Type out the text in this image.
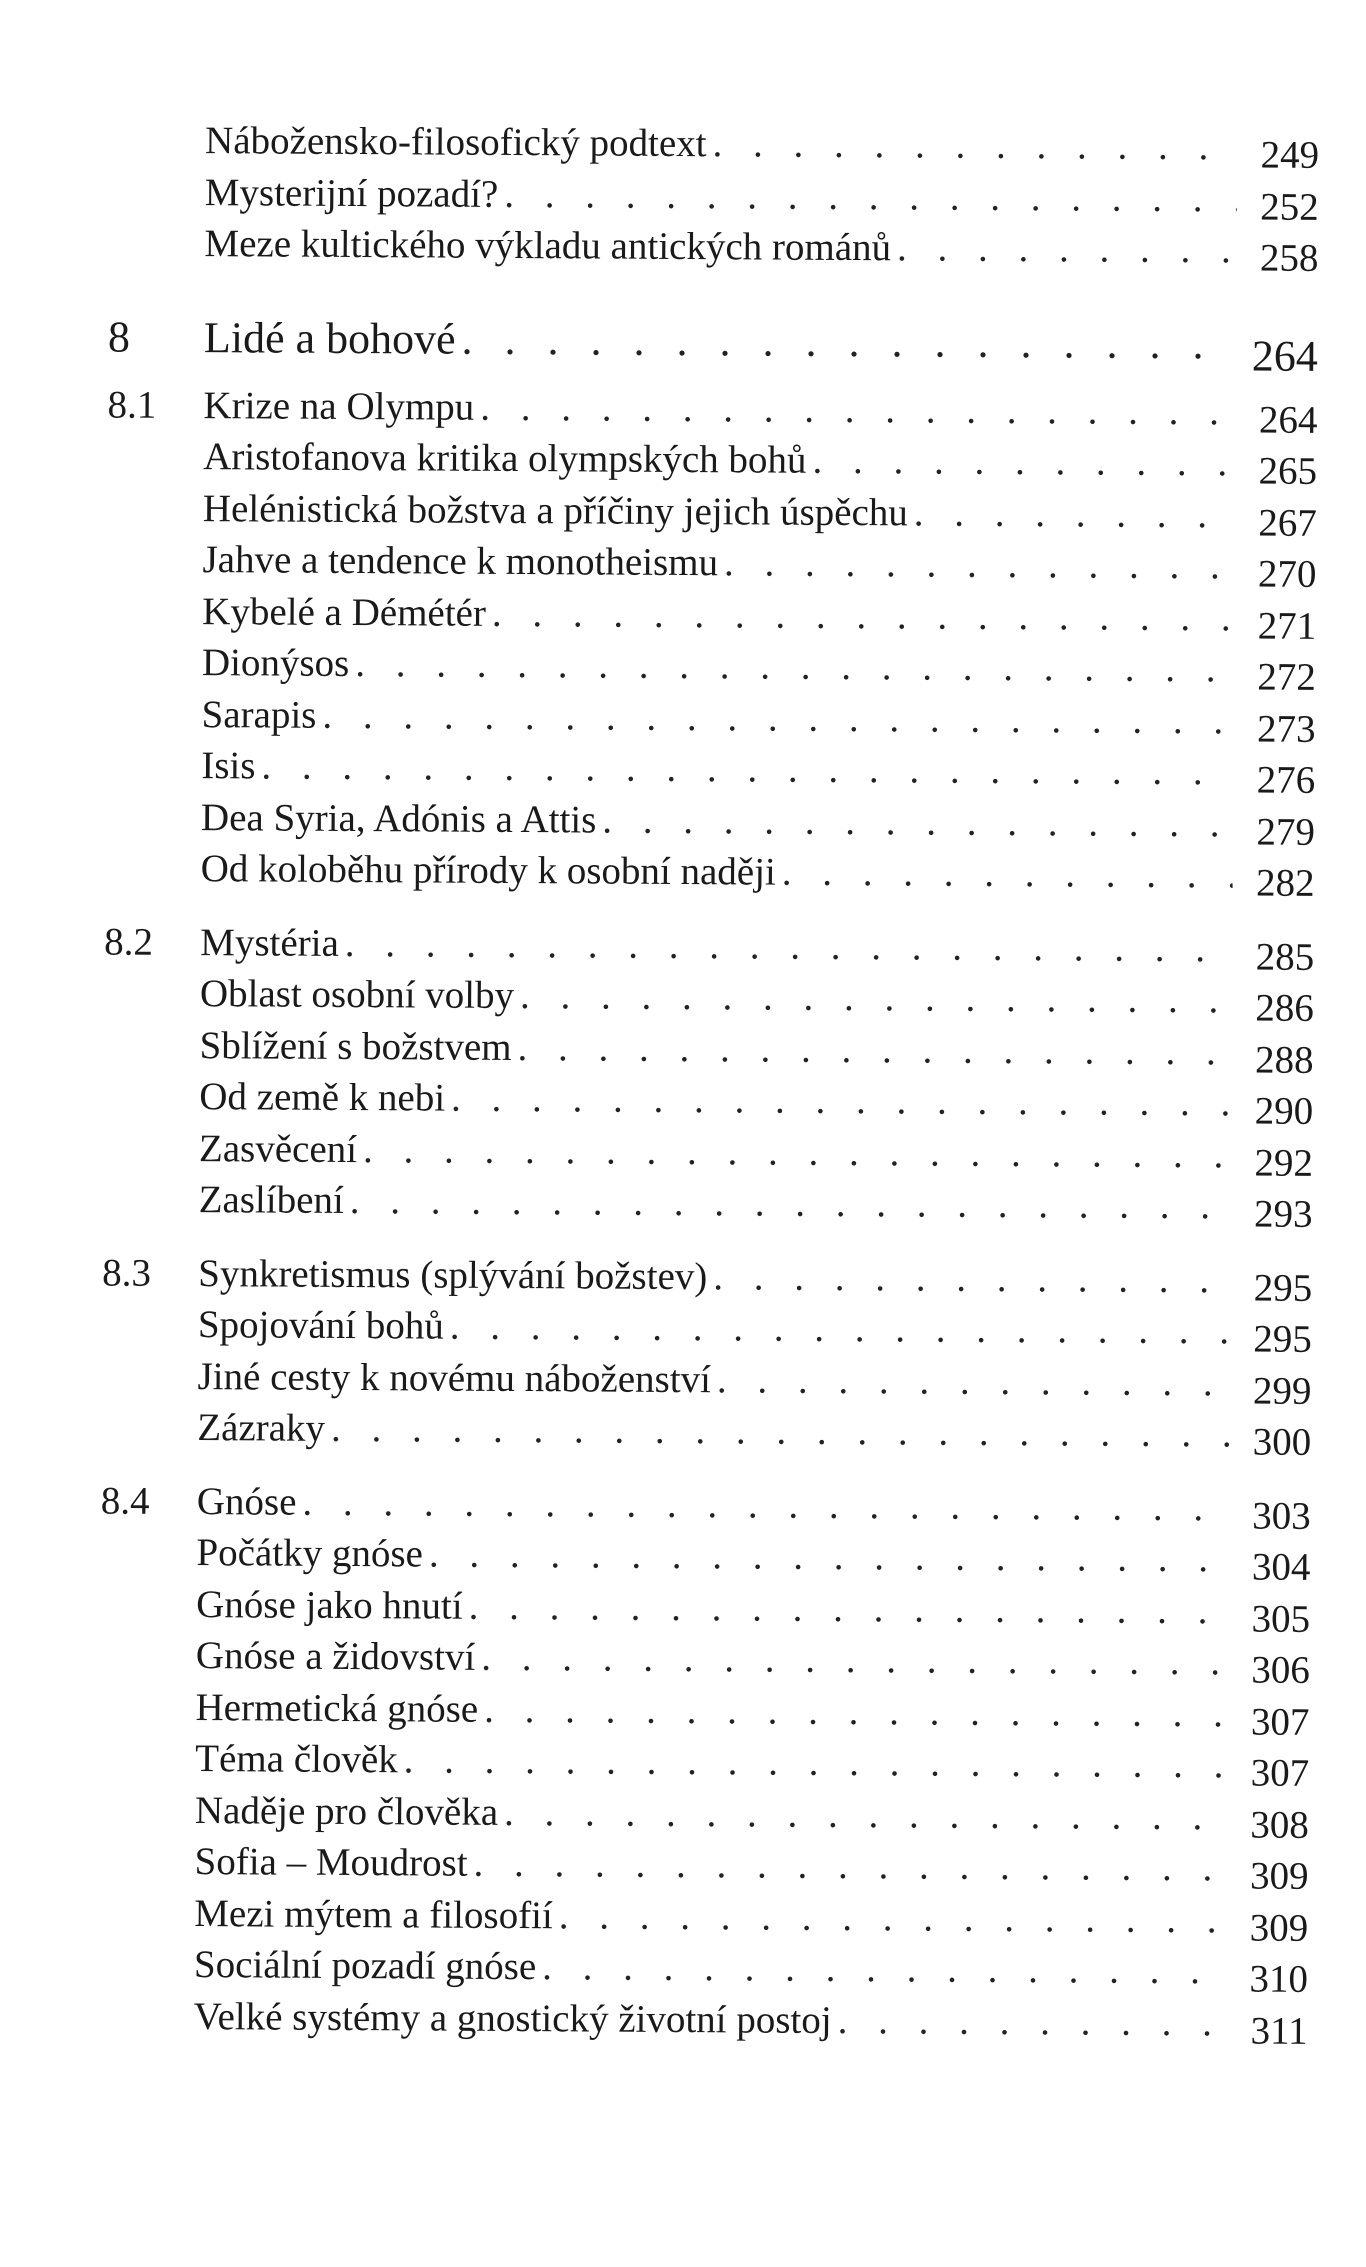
Náboženskо-filosofický podtext . . .	249
Mysterijní pozadí? . . .	252
Meze kultického výkladu antických románů . . .	258
8	Lidé a bohové . . .	264
8.1	Krize na Olympu . . .	264
Aristofanova kritika olympských bohů . . .	265
Helénistická božstva a příčiny jejich úspěchu . . .	267
Jahve a tendence k monotheismu . . .	270
Kybelé a Démétér . . .	271
Dionýsos . . .	272
Sarapis . . .	273
Isis . . .	276
Dea Syria, Adónis a Attis . . .	279
Od koloběhu přírody k osobní naději . . .	282
8.2	Mystéria . . .	285
Oblast osobní volby . . .	286
Sblížení s božstvem . . .	288
Od země k nebi . . .	290
Zasvěcení . . .	292
Zaslíbení . . .	293
8.3	Synkretismus (splývání božstev) . . .	295
Spojování bohů . . .	295
Jiné cesty k novému náboženství . . .	299
Zázraky . . .	300
8.4	Gnóse . . .	303
Počátky gnóse . . .	304
Gnóse jako hnutí . . .	305
Gnóse a židovství . . .	306
Hermetická gnóse . . .	307
Téma člověk . . .	307
Naděje pro člověka . . .	308
Sofia – Moudrost . . .	309
Mezi mýtem a filosofií . . .	309
Sociální pozadí gnóse . . .	310
Velké systémy a gnostický životní postoj . . .	311
